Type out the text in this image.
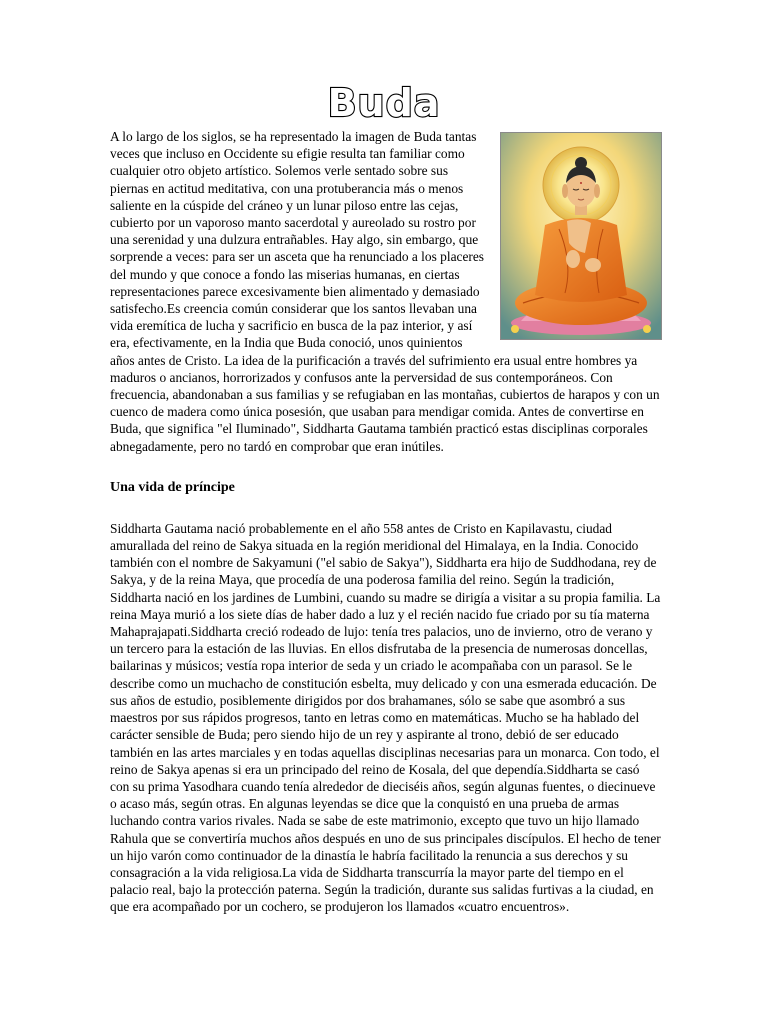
Buda

A lo largo de los siglos, se ha representado la imagen de Buda tantas veces que incluso en Occidente su efigie resulta tan familiar como cualquier otro objeto artístico. Solemos verle sentado sobre sus piernas en actitud meditativa, con una protuberancia más o menos saliente en la cúspide del cráneo y un lunar piloso entre las cejas, cubierto por un vaporoso manto sacerdotal y aureolado su rostro por una serenidad y una dulzura entrañables. Hay algo, sin embargo, que sorprende a veces: para ser un asceta que ha renunciado a los placeres del mundo y que conoce a fondo las miserias humanas, en ciertas representaciones parece excesivamente bien alimentado y demasiado satisfecho.Es creencia común considerar que los santos llevaban una vida eremítica de lucha y sacrificio en busca de la paz interior, y así era, efectivamente, en la India que Buda conoció, unos quinientos años antes de Cristo. La idea de la purificación a través del sufrimiento era usual entre hombres ya maduros o ancianos, horrorizados y confusos ante la perversidad de sus contemporáneos. Con frecuencia, abandonaban a sus familias y se refugiaban en las montañas, cubiertos de harapos y con un cuenco de madera como única posesión, que usaban para mendigar comida. Antes de convertirse en Buda, que significa "el Iluminado", Siddharta Gautama también practicó estas disciplinas corporales abnegadamente, pero no tardó en comprobar que eran inútiles.

Una vida de príncipe

Siddharta Gautama nació probablemente en el año 558 antes de Cristo en Kapilavastu, ciudad amurallada del reino de Sakya situada en la región meridional del Himalaya, en la India. Conocido también con el nombre de Sakyamuni ("el sabio de Sakya"), Siddharta era hijo de Suddhodana, rey de Sakya, y de la reina Maya, que procedía de una poderosa familia del reino. Según la tradición, Siddharta nació en los jardines de Lumbini, cuando su madre se dirigía a visitar a su propia familia. La reina Maya murió a los siete días de haber dado a luz y el recién nacido fue criado por su tía materna Mahaprajapati.Siddharta creció rodeado de lujo: tenía tres palacios, uno de invierno, otro de verano y un tercero para la estación de las lluvias. En ellos disfrutaba de la presencia de numerosas doncellas, bailarinas y músicos; vestía ropa interior de seda y un criado le acompañaba con un parasol. Se le describe como un muchacho de constitución esbelta, muy delicado y con una esmerada educación. De sus años de estudio, posiblemente dirigidos por dos brahamanes, sólo se sabe que asombró a sus maestros por sus rápidos progresos, tanto en letras como en matemáticas. Mucho se ha hablado del carácter sensible de Buda; pero siendo hijo de un rey y aspirante al trono, debió de ser educado también en las artes marciales y en todas aquellas disciplinas necesarias para un monarca. Con todo, el reino de Sakya apenas si era un principado del reino de Kosala, del que dependía.Siddharta se casó con su prima Yasodhara cuando tenía alrededor de dieciséis años, según algunas fuentes, o diecinueve o acaso más, según otras. En algunas leyendas se dice que la conquistó en una prueba de armas luchando contra varios rivales. Nada se sabe de este matrimonio, excepto que tuvo un hijo llamado Rahula que se convertiría muchos años después en uno de sus principales discípulos. El hecho de tener un hijo varón como continuador de la dinastía le habría facilitado la renuncia a sus derechos y su consagración a la vida religiosa.La vida de Siddharta transcurría la mayor parte del tiempo en el palacio real, bajo la protección paterna. Según la tradición, durante sus salidas furtivas a la ciudad, en que era acompañado por un cochero, se produjeron los llamados «cuatro encuentros».
